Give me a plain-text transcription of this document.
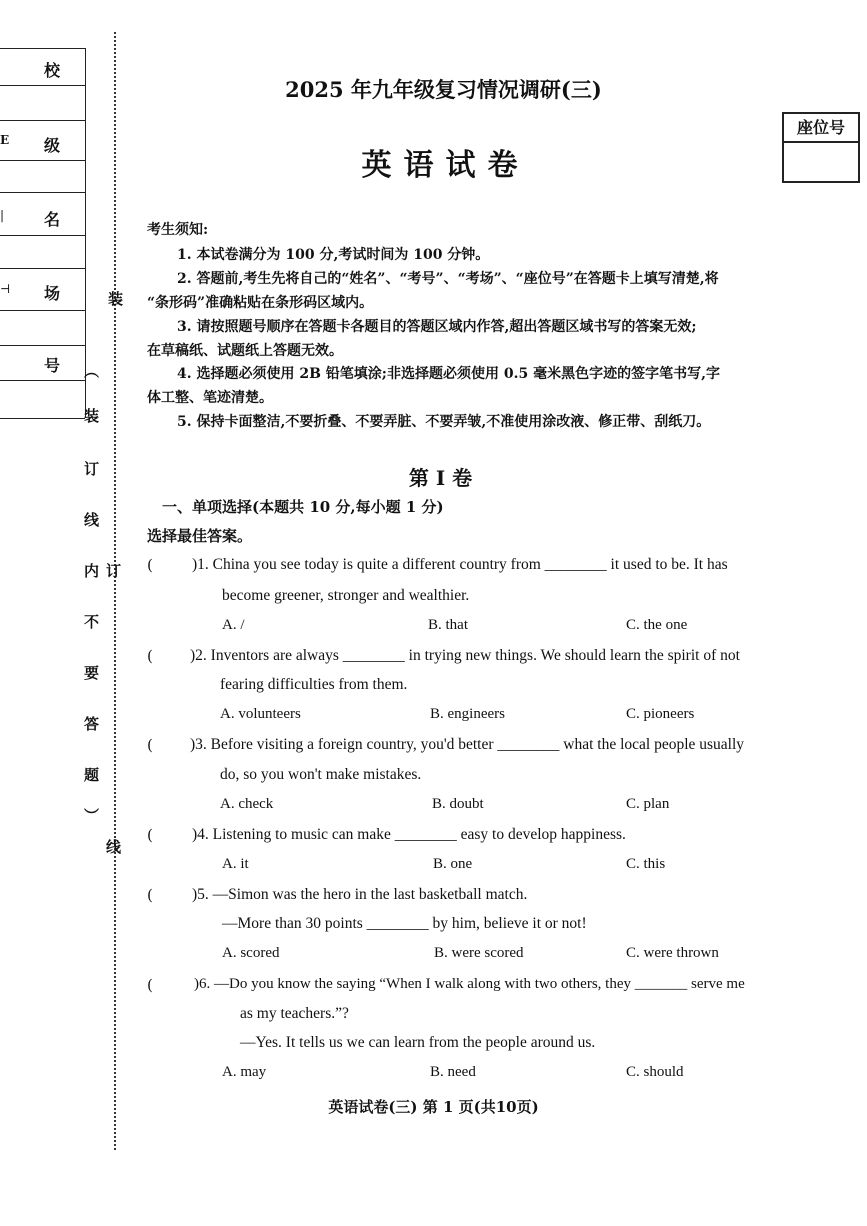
校
E 级
| 名
⊣ 场
号
装
︵
装
订
线
内
不
要
答
题
︶
订
线
2025 年九年级复习情况调研(三)
英语试卷
座位号
考生须知:
1. 本试卷满分为 100 分,考试时间为 100 分钟。
2. 答题前,考生先将自己的“姓名”、“考号”、“考场”、“座位号”在答题卡上填写清楚,将
“条形码”准确粘贴在条形码区域内。
3. 请按照题号顺序在答题卡各题目的答题区域内作答,超出答题区域书写的答案无效;
在草稿纸、试题纸上答题无效。
4. 选择题必须使用 2B 铅笔填涂;非选择题必须使用 0.5 毫米黑色字迹的签字笔书写,字
体工整、笔迹清楚。
5. 保持卡面整洁,不要折叠、不要弄脏、不要弄皱,不准使用涂改液、修正带、刮纸刀。
第 I 卷
一、单项选择(本题共 10 分,每小题 1 分)
选择最佳答案。
(	)1. China you see today is quite a different country from ________ it used to be. It has
become greener, stronger and wealthier.
A. /	B. that	C. the one
( )2. Inventors are always ________ in trying new things. We should learn the spirit of not
fearing difficulties from them.
A. volunteers	B. engineers	C. pioneers
( )3. Before visiting a foreign country, you'd better ________ what the local people usually
do, so you won't make mistakes.
A. check	B. doubt	C. plan
(	)4. Listening to music can make ________ easy to develop happiness.
A. it	B. one	C. this
(	)5. —Simon was the hero in the last basketball match.
—More than 30 points ________ by him, believe it or not!
A. scored	B. were scored	C. were thrown
(	)6. —Do you know the saying “When I walk along with two others, they _______ serve me
as my teachers.”?
—Yes. It tells us we can learn from the people around us.
A. may	B. need	C. should
英语试卷(三) 第 1 页(共10页)
